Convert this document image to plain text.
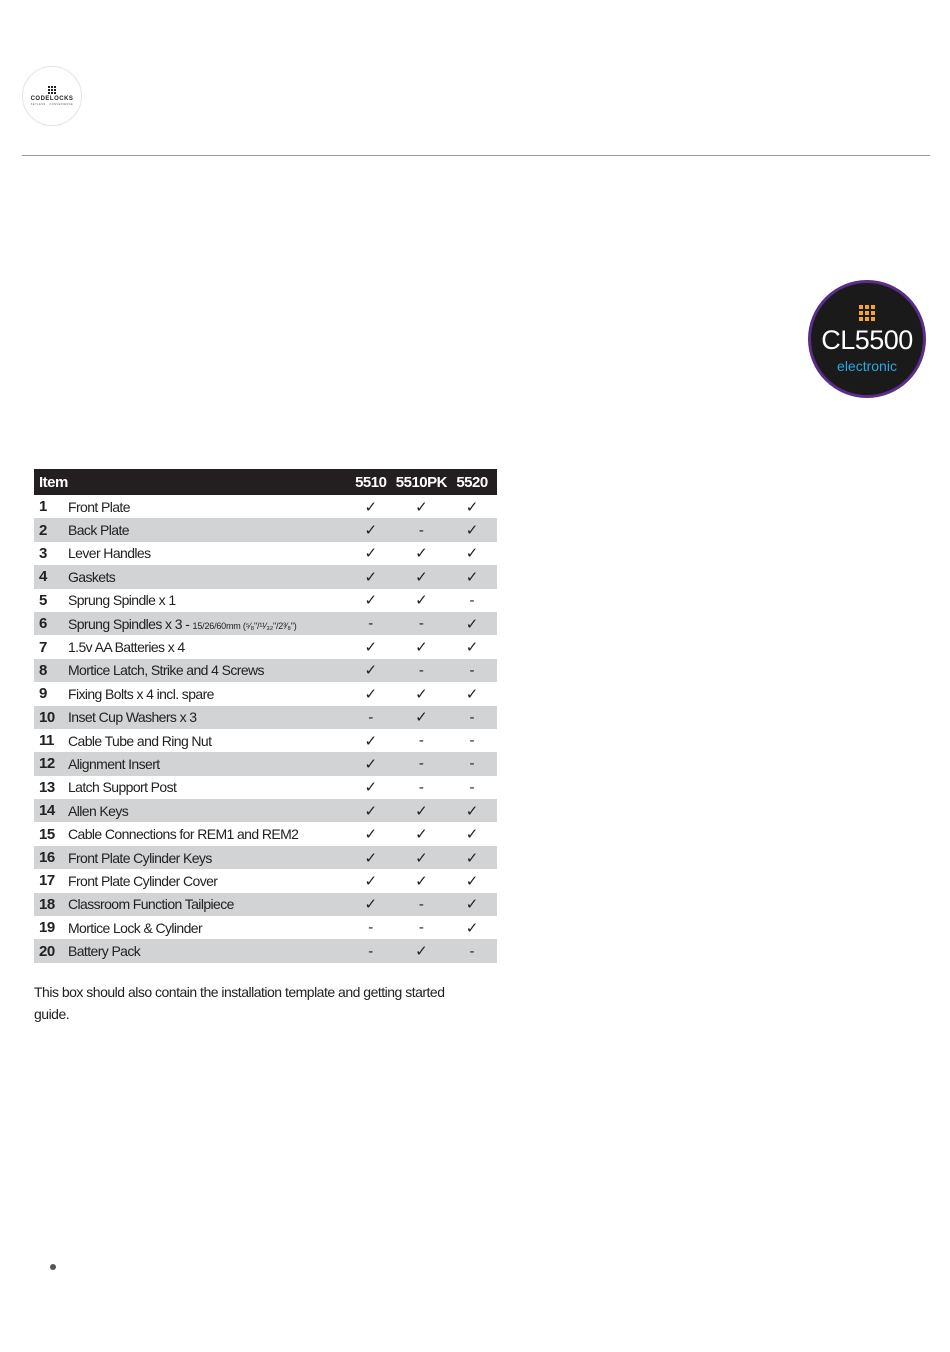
CODELOCKS
KEYLESS · CONVENIENCE
CL5500
electronic
Item		5510	5510PK	5520
1	Front Plate	✓	✓	✓
2	Back Plate	✓	-	✓
3	Lever Handles	✓	✓	✓
4	Gaskets	✓	✓	✓
5	Sprung Spindle x 1	✓	✓	-
6	Sprung Spindles x 3 - 15/26/60mm (⁵⁄₈"/¹¹⁄₃₂"/2³⁄₈")	-	-	✓
7	1.5v AA Batteries x 4	✓	✓	✓
8	Mortice Latch, Strike and 4 Screws	✓	-	-
9	Fixing Bolts x 4 incl. spare	✓	✓	✓
10	Inset Cup Washers x 3	-	✓	-
11	Cable Tube and Ring Nut	✓	-	-
12	Alignment Insert	✓	-	-
13	Latch Support Post	✓	-	-
14	Allen Keys	✓	✓	✓
15	Cable Connections for REM1 and REM2	✓	✓	✓
16	Front Plate Cylinder Keys	✓	✓	✓
17	Front Plate Cylinder Cover	✓	✓	✓
18	Classroom Function Tailpiece	✓	-	✓
19	Mortice Lock & Cylinder	-	-	✓
20	Battery Pack	-	✓	-
This box should also contain the installation template and getting started guide.
